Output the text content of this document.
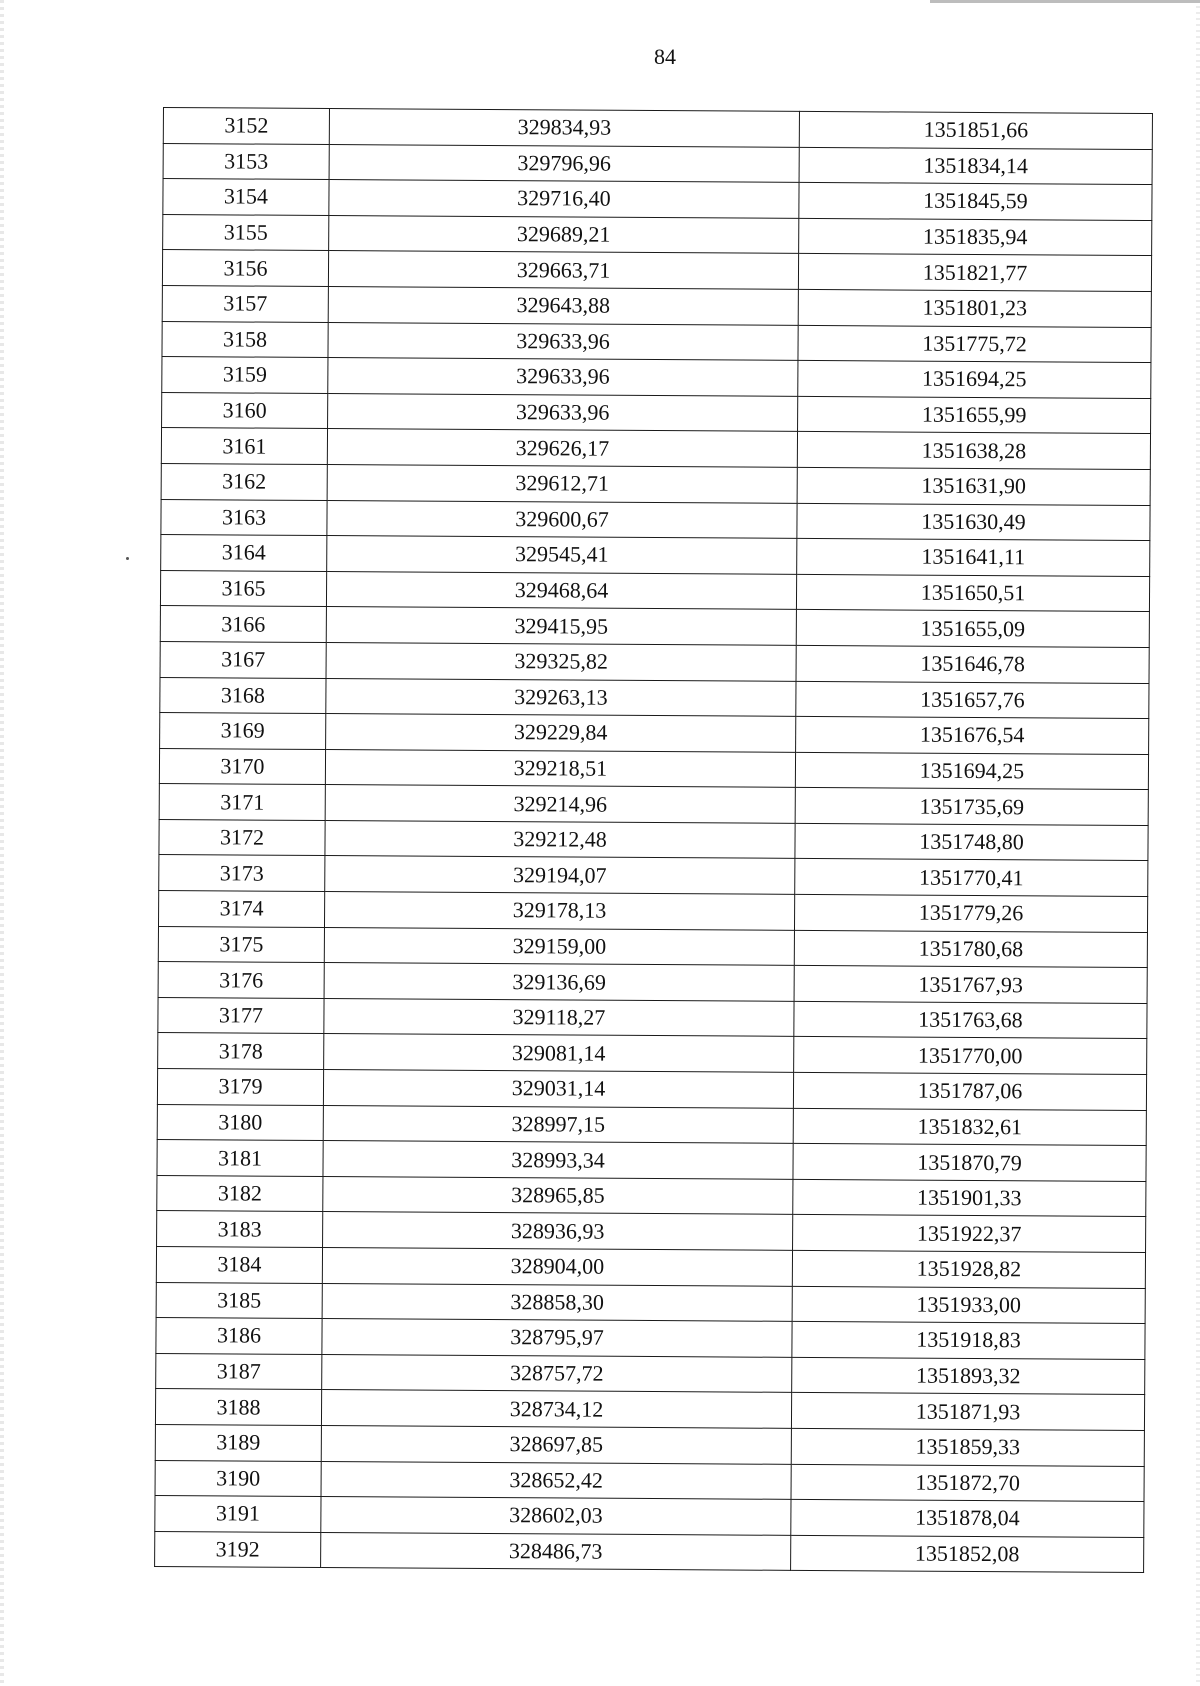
84
3152	329834,93	1351851,66
3153	329796,96	1351834,14
3154	329716,40	1351845,59
3155	329689,21	1351835,94
3156	329663,71	1351821,77
3157	329643,88	1351801,23
3158	329633,96	1351775,72
3159	329633,96	1351694,25
3160	329633,96	1351655,99
3161	329626,17	1351638,28
3162	329612,71	1351631,90
3163	329600,67	1351630,49
3164	329545,41	1351641,11
3165	329468,64	1351650,51
3166	329415,95	1351655,09
3167	329325,82	1351646,78
3168	329263,13	1351657,76
3169	329229,84	1351676,54
3170	329218,51	1351694,25
3171	329214,96	1351735,69
3172	329212,48	1351748,80
3173	329194,07	1351770,41
3174	329178,13	1351779,26
3175	329159,00	1351780,68
3176	329136,69	1351767,93
3177	329118,27	1351763,68
3178	329081,14	1351770,00
3179	329031,14	1351787,06
3180	328997,15	1351832,61
3181	328993,34	1351870,79
3182	328965,85	1351901,33
3183	328936,93	1351922,37
3184	328904,00	1351928,82
3185	328858,30	1351933,00
3186	328795,97	1351918,83
3187	328757,72	1351893,32
3188	328734,12	1351871,93
3189	328697,85	1351859,33
3190	328652,42	1351872,70
3191	328602,03	1351878,04
3192	328486,73	1351852,08
